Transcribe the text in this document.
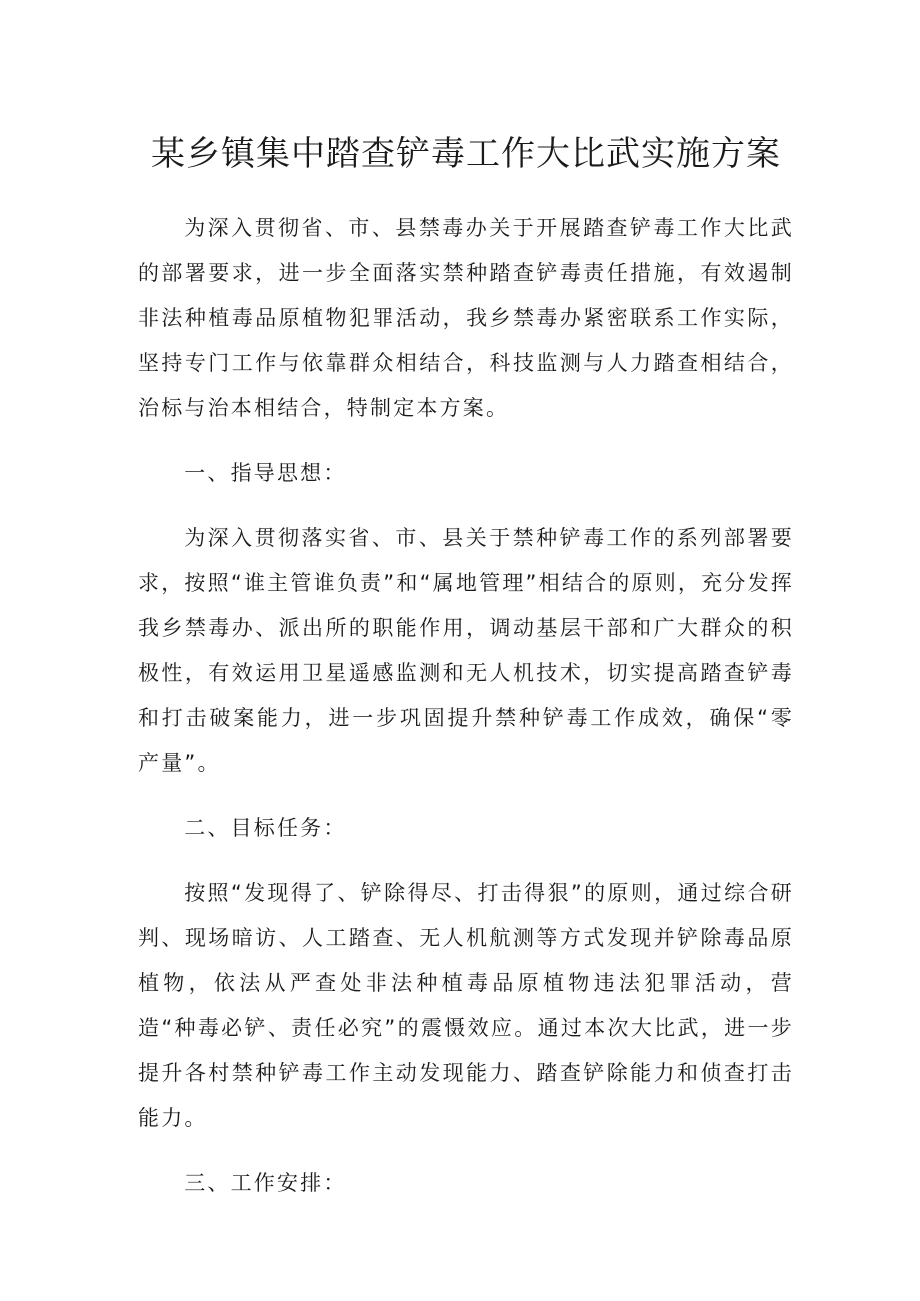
某乡镇集中踏查铲毒工作大比武实施方案

为深入贯彻省、市、县禁毒办关于开展踏查铲毒工作大比武的部署要求，进一步全面落实禁种踏查铲毒责任措施，有效遏制非法种植毒品原植物犯罪活动，我乡禁毒办紧密联系工作实际，坚持专门工作与依靠群众相结合，科技监测与人力踏查相结合，治标与治本相结合，特制定本方案。

一、指导思想：

为深入贯彻落实省、市、县关于禁种铲毒工作的系列部署要求，按照“谁主管谁负责”和“属地管理”相结合的原则，充分发挥我乡禁毒办、派出所的职能作用，调动基层干部和广大群众的积极性，有效运用卫星遥感监测和无人机技术，切实提高踏查铲毒和打击破案能力，进一步巩固提升禁种铲毒工作成效，确保“零产量”。

二、目标任务：

按照“发现得了、铲除得尽、打击得狠”的原则，通过综合研判、现场暗访、人工踏查、无人机航测等方式发现并铲除毒品原植物，依法从严查处非法种植毒品原植物违法犯罪活动，营造“种毒必铲、责任必究”的震慑效应。通过本次大比武，进一步提升各村禁种铲毒工作主动发现能力、踏查铲除能力和侦查打击能力。

三、工作安排：
